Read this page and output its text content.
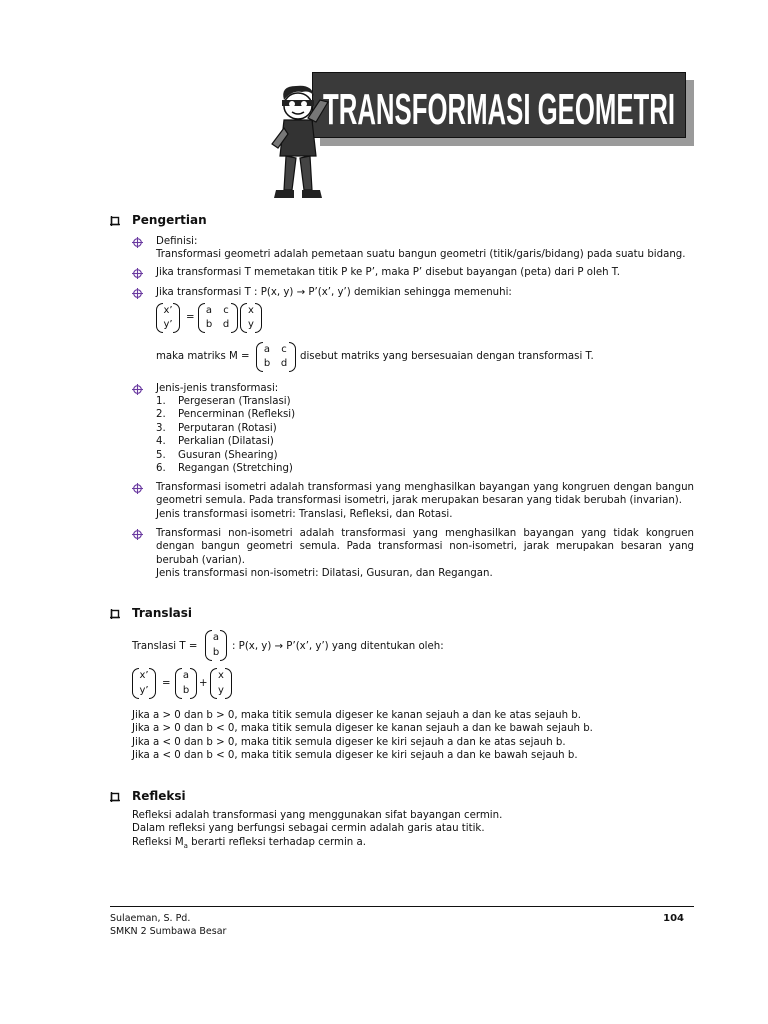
TRANSFORMASI GEOMETRI
Pengertian
Definisi:
Transformasi geometri adalah pemetaan suatu bangun geometri (titik/garis/bidang) pada suatu bidang.
Jika transformasi T memetakan titik P ke P’, maka P’ disebut bayangan (peta) dari P oleh T.
Jika transformasi T : P(x, y) → P’(x’, y’) demikian sehingga memenuhi:
x’
y’
=
a	c
b d
x
y
maka matriks M =
a	c
b d
disebut matriks yang bersesuaian dengan transformasi T.
Jenis-jenis transformasi:
1. Pergeseran (Translasi)
2. Pencerminan (Refleksi)
3. Perputaran (Rotasi)
4. Perkalian (Dilatasi)
5. Gusuran (Shearing)
6. Regangan (Stretching)
Transformasi isometri adalah transformasi yang menghasilkan bayangan yang kongruen dengan bangun geometri semula. Pada transformasi isometri, jarak merupakan besaran yang tidak berubah (invarian).
Jenis transformasi isometri: Translasi, Refleksi, dan Rotasi.
Transformasi non-isometri adalah transformasi yang menghasilkan bayangan yang tidak kongruen dengan bangun geometri semula. Pada transformasi non-isometri, jarak merupakan besaran yang berubah (varian).
Jenis transformasi non-isometri: Dilatasi, Gusuran, dan Regangan.
Translasi
Translasi T =
a
b
: P(x, y) → P’(x’, y’) yang ditentukan oleh:
x’
y’
=
a
b
+
x
y
Jika a > 0 dan b > 0, maka titik semula digeser ke kanan sejauh a dan ke atas sejauh b.
Jika a > 0 dan b < 0, maka titik semula digeser ke kanan sejauh a dan ke bawah sejauh b.
Jika a < 0 dan b > 0, maka titik semula digeser ke kiri sejauh a dan ke atas sejauh b.
Jika a < 0 dan b < 0, maka titik semula digeser ke kiri sejauh a dan ke bawah sejauh b.
Refleksi
Refleksi adalah transformasi yang menggunakan sifat bayangan cermin.
Dalam refleksi yang berfungsi sebagai cermin adalah garis atau titik.
Refleksi $M_a$ berarti refleksi terhadap cermin a.
Sulaeman, S. Pd.
SMKN 2 Sumbawa Besar
104
